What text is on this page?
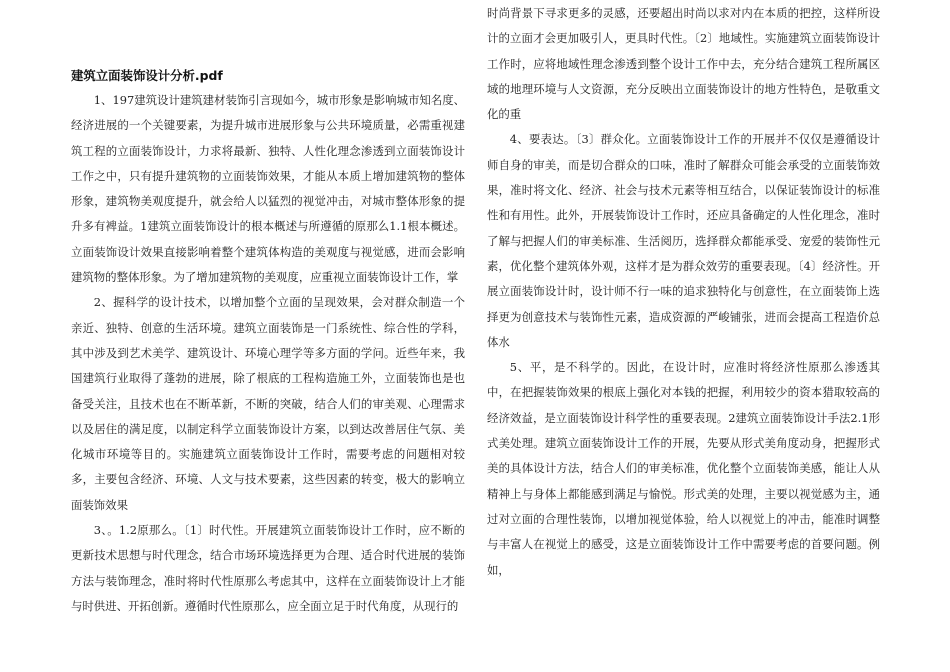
建筑立面装饰设计分析.pdf

1、197建筑设计建筑建材装饰引言现如今，城市形象是影响城市知名度、经济进展的一个关键要素，为提升城市进展形象与公共环境质量，必需重视建筑工程的立面装饰设计，力求将最新、独特、人性化理念渗透到立面装饰设计工作之中，只有提升建筑物的立面装饰效果，才能从本质上增加建筑物的整体形象，建筑物美观度提升，就会给人以猛烈的视觉冲击，对城市整体形象的提升多有裨益。1建筑立面装饰设计的根本概述与所遵循的原那么1.1根本概述。立面装饰设计效果直接影响着整个建筑体构造的美观度与视觉感，进而会影响建筑物的整体形象。为了增加建筑物的美观度，应重视立面装饰设计工作，掌

2、握科学的设计技术，以增加整个立面的呈现效果，会对群众制造一个亲近、独特、创意的生活环境。建筑立面装饰是一门系统性、综合性的学科，其中涉及到艺术美学、建筑设计、环境心理学等多方面的学问。近些年来，我国建筑行业取得了蓬勃的进展，除了根底的工程构造施工外，立面装饰也是也备受关注，且技术也在不断革新，不断的突破，结合人们的审美观、心理需求以及居住的满足度，以制定科学立面装饰设计方案，以到达改善居住气氛、美化城市环境等目的。实施建筑立面装饰设计工作时，需要考虑的问题相对较多，主要包含经济、环境、人文与技术要素，这些因素的转变，极大的影响立面装饰效果

3、。1.2原那么。〔1〕时代性。开展建筑立面装饰设计工作时，应不断的更新技术思想与时代理念，结合市场环境选择更为合理、适合时代进展的装饰方法与装饰理念，准时将时代性原那么考虑其中，这样在立面装饰设计上才能与时供进、开拓创新。遵循时代性原那么，应全面立足于时代角度，从现行的

时尚背景下寻求更多的灵感，还要超出时尚以求对内在本质的把控，这样所设计的立面才会更加吸引人，更具时代性。〔2〕地域性。实施建筑立面装饰设计工作时，应将地域性理念渗透到整个设计工作中去，充分结合建筑工程所属区域的地理环境与人文资源，充分反映出立面装饰设计的地方性特色，是敬重文化的重

4、要表达。〔3〕群众化。立面装饰设计工作的开展并不仅仅是遵循设计师自身的审美，而是切合群众的口味，准时了解群众可能会承受的立面装饰效果，准时将文化、经济、社会与技术元素等相互结合，以保证装饰设计的标准性和有用性。此外，开展装饰设计工作时，还应具备确定的人性化理念，准时了解与把握人们的审美标准、生活阅历，选择群众都能承受、宠爱的装饰性元素，优化整个建筑体外观，这样才是为群众效劳的重要表现。〔4〕经济性。开展立面装饰设计时，设计师不行一味的追求独特化与创意性，在立面装饰上选择更为创意技术与装饰性元素，造成资源的严峻铺张，进而会提高工程造价总体水

5、平，是不科学的。因此，在设计时，应准时将经济性原那么渗透其中，在把握装饰效果的根底上强化对本钱的把握，利用较少的资本猎取较高的经济效益，是立面装饰设计科学性的重要表现。2建筑立面装饰设计手法2.1形式美处理。建筑立面装饰设计工作的开展，先要从形式美角度动身，把握形式美的具体设计方法，结合人们的审美标准，优化整个立面装饰美感，能让人从精神上与身体上都能感到满足与愉悦。形式美的处理，主要以视觉感为主，通过对立面的合理性装饰，以增加视觉体验，给人以视觉上的冲击，能准时调整与丰富人在视觉上的感受，这是立面装饰设计工作中需要考虑的首要问题。例如，
